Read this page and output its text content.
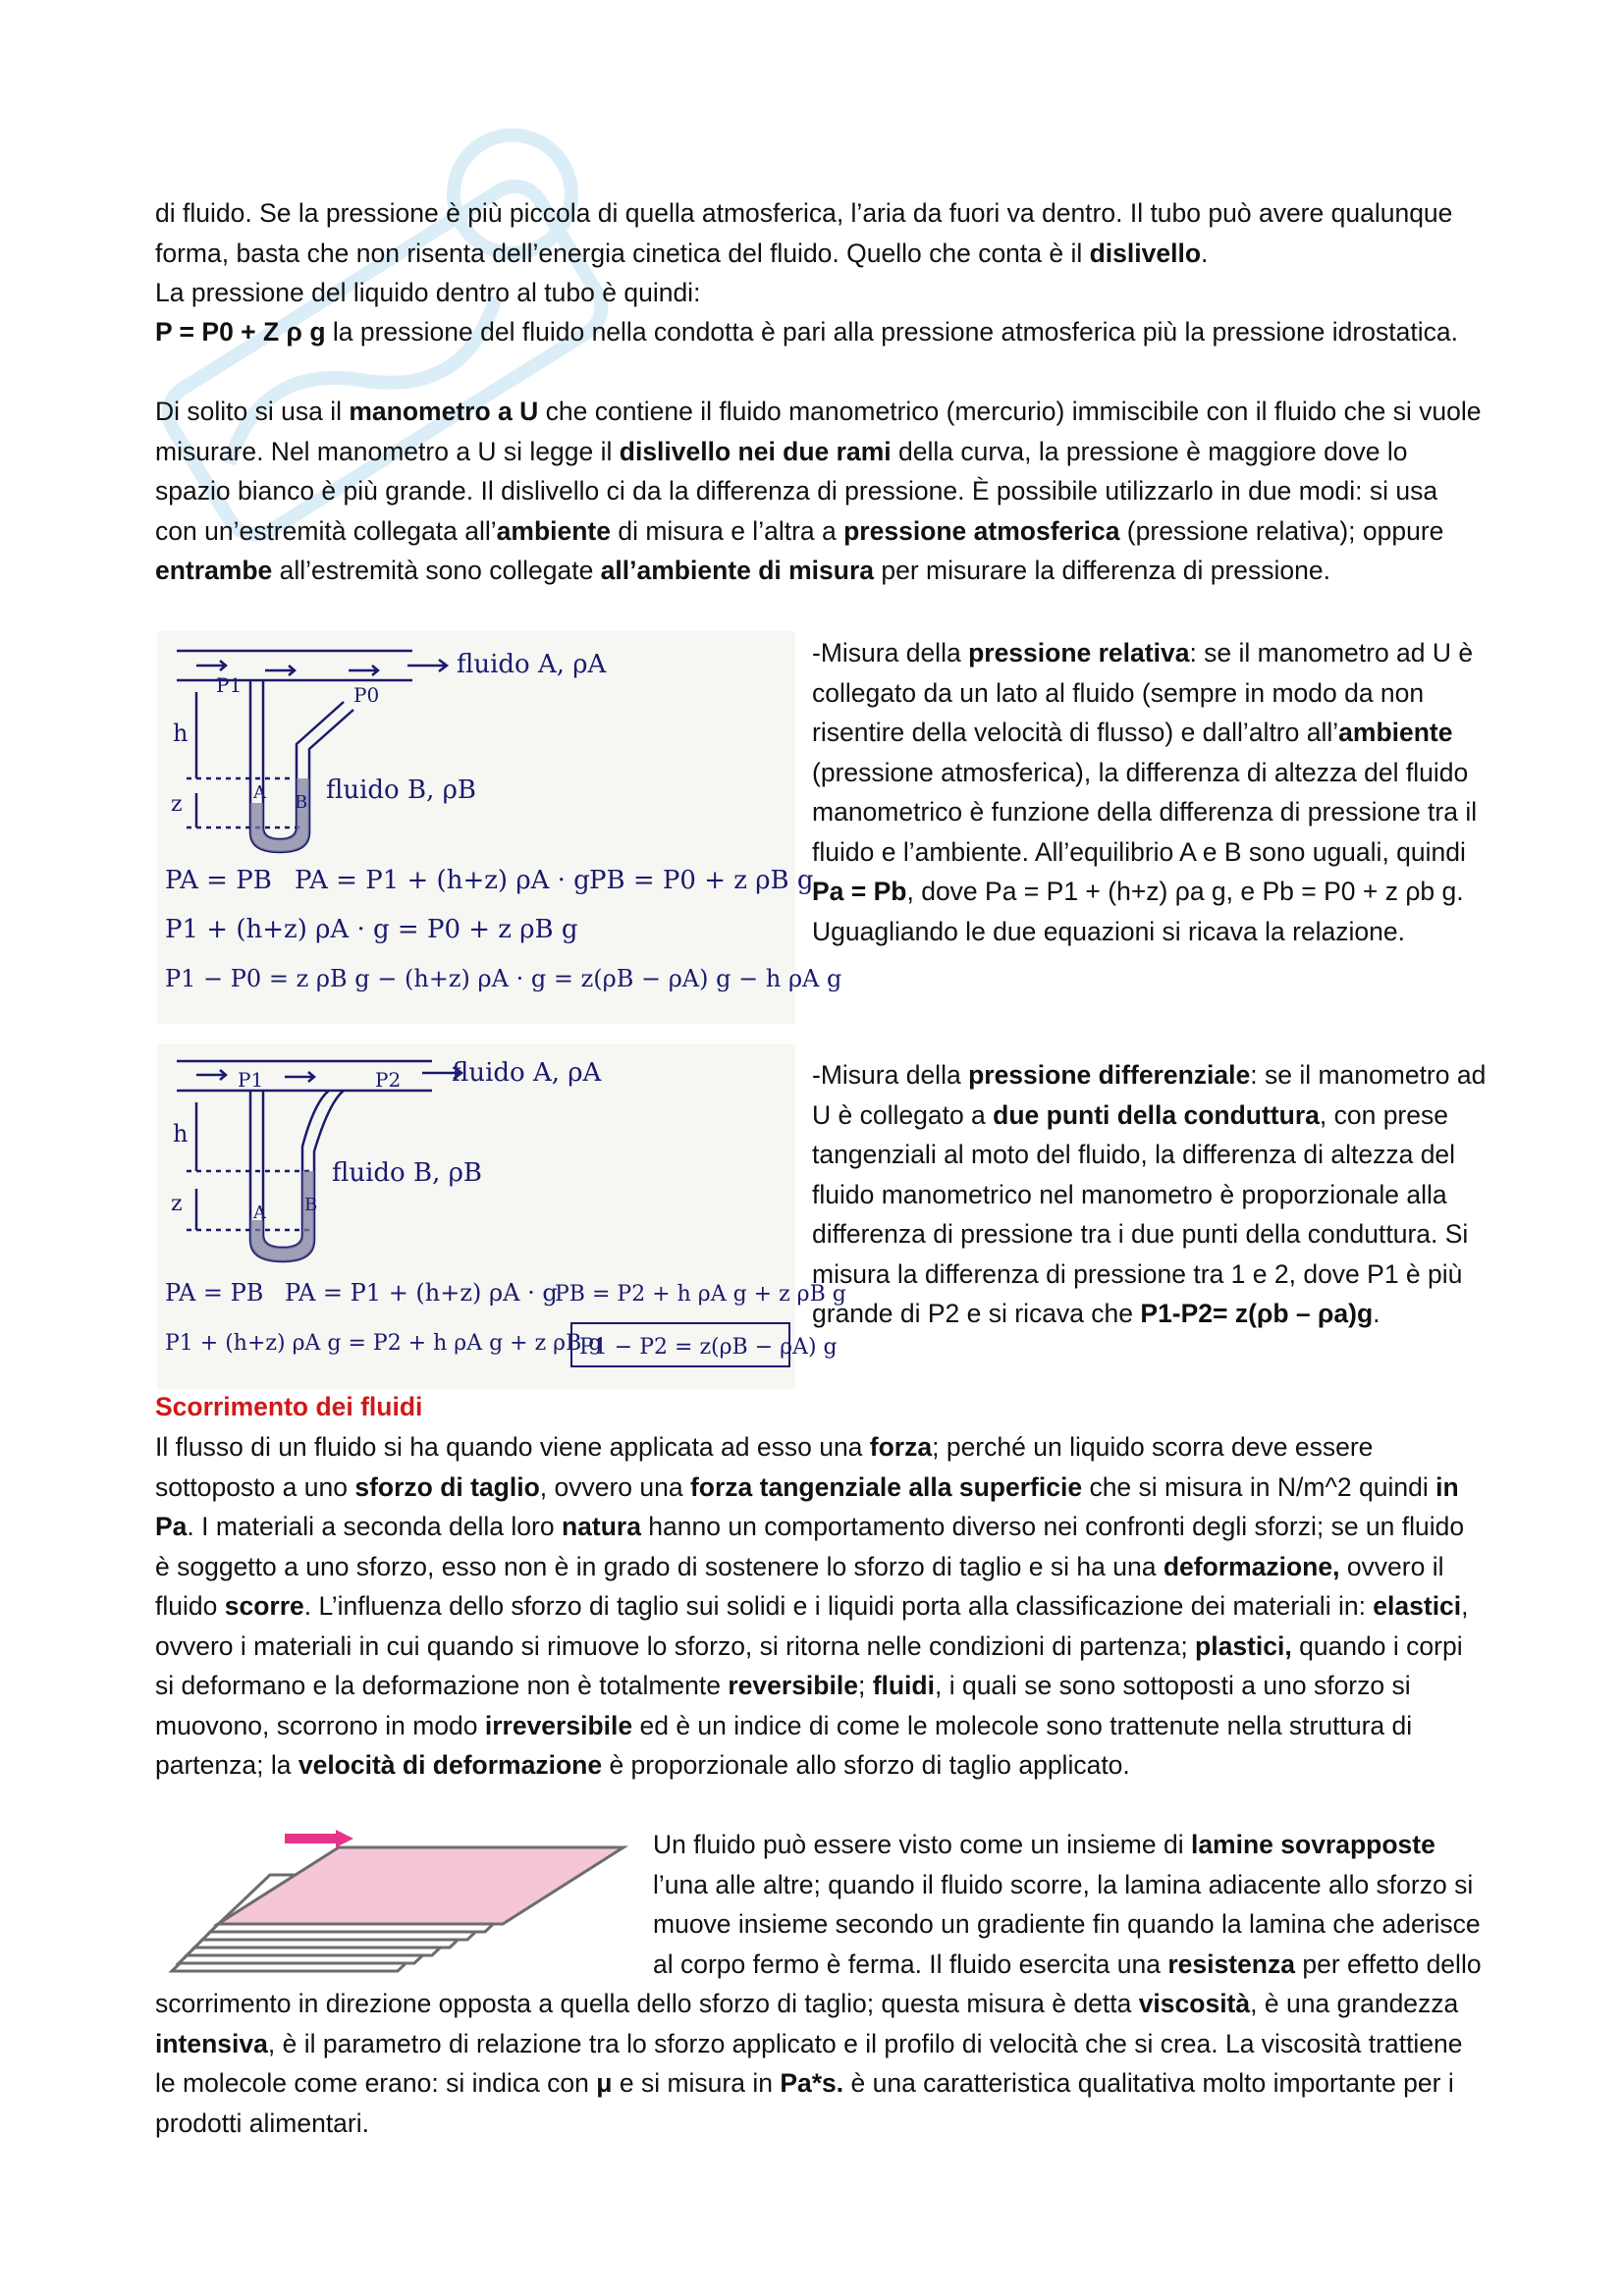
di fluido. Se la pressione è più piccola di quella atmosferica, l’aria da fuori va dentro. Il tubo può avere qualunque forma, basta che non risenta dell’energia cinetica del fluido. Quello che conta è il dislivello.
La pressione del liquido dentro al tubo è quindi:
P = P0 + Z ρ g la pressione del fluido nella condotta è pari alla pressione atmosferica più la pressione idrostatica.
Di solito si usa il manometro a U che contiene il fluido manometrico (mercurio) immiscibile con il fluido che si vuole misurare. Nel manometro a U si legge il dislivello nei due rami della curva, la pressione è maggiore dove lo spazio bianco è più grande. Il dislivello ci da la differenza di pressione. È possibile utilizzarlo in due modi: si usa con un’estremità collegata all’ambiente di misura e l’altra a pressione atmosferica (pressione relativa); oppure entrambe all’estremità sono collegate all’ambiente di misura per misurare la differenza di pressione.
fluido A, ρA
fluido B, ρB
P1	P0
h
z	A B
PA = PB PA = P1 + (h+z) ρA · g PB = P0 + z ρB g
P1 + (h+z) ρA · g = P0 + z ρB g
P1 − P0 = z ρB g − (h+z) ρA · g = z(ρB − ρA) g − h ρA g
fluido A, ρA
fluido B, ρB
P1	P2
h
z	A B
PA = PB PA = P1 + (h+z) ρA · g
PB = P2 + h ρA g + z ρB g
P1 + (h+z) ρA g = P2 + h ρA g + z ρB g
P1 − P2 = z(ρB − ρA) g
-Misura della pressione relativa: se il manometro ad U è collegato da un lato al fluido (sempre in modo da non risentire della velocità di flusso) e dall’altro all’ambiente (pressione atmosferica), la differenza di altezza del fluido manometrico è funzione della differenza di pressione tra il fluido e l’ambiente. All’equilibrio A e B sono uguali, quindi Pa = Pb, dove Pa = P1 + (h+z) ρa g, e Pb = P0 + z ρb g. Uguagliando le due equazioni si ricava la relazione.
-Misura della pressione differenziale: se il manometro ad U è collegato a due punti della conduttura, con prese tangenziali al moto del fluido, la differenza di altezza del fluido manometrico nel manometro è proporzionale alla differenza di pressione tra i due punti della conduttura. Si misura la differenza di pressione tra 1 e 2, dove P1 è più grande di P2 e si ricava che P1-P2= z(ρb – ρa)g.
Scorrimento dei fluidi
Il flusso di un fluido si ha quando viene applicata ad esso una forza; perché un liquido scorra deve essere sottoposto a uno sforzo di taglio, ovvero una forza tangenziale alla superficie che si misura in N/m^2 quindi in Pa. I materiali a seconda della loro natura hanno un comportamento diverso nei confronti degli sforzi; se un fluido è soggetto a uno sforzo, esso non è in grado di sostenere lo sforzo di taglio e si ha una deformazione, ovvero il fluido scorre. L’influenza dello sforzo di taglio sui solidi e i liquidi porta alla classificazione dei materiali in: elastici, ovvero i materiali in cui quando si rimuove lo sforzo, si ritorna nelle condizioni di partenza; plastici, quando i corpi si deformano e la deformazione non è totalmente reversibile; fluidi, i quali se sono sottoposti a uno sforzo si muovono, scorrono in modo irreversibile ed è un indice di come le molecole sono trattenute nella struttura di partenza; la velocità di deformazione è proporzionale allo sforzo di taglio applicato.
Un fluido può essere visto come un insieme di lamine sovrapposte l’una alle altre; quando il fluido scorre, la lamina adiacente allo sforzo si muove insieme secondo un gradiente fin quando la lamina che aderisce al corpo fermo è ferma. Il fluido esercita una resistenza per effetto dello scorrimento in direzione opposta a quella dello sforzo di taglio; questa misura è detta viscosità, è una grandezza intensiva, è il parametro di relazione tra lo sforzo applicato e il profilo di velocità che si crea. La viscosità trattiene le molecole come erano: si indica con μ e si misura in Pa*s. è una caratteristica qualitativa molto importante per i prodotti alimentari.
